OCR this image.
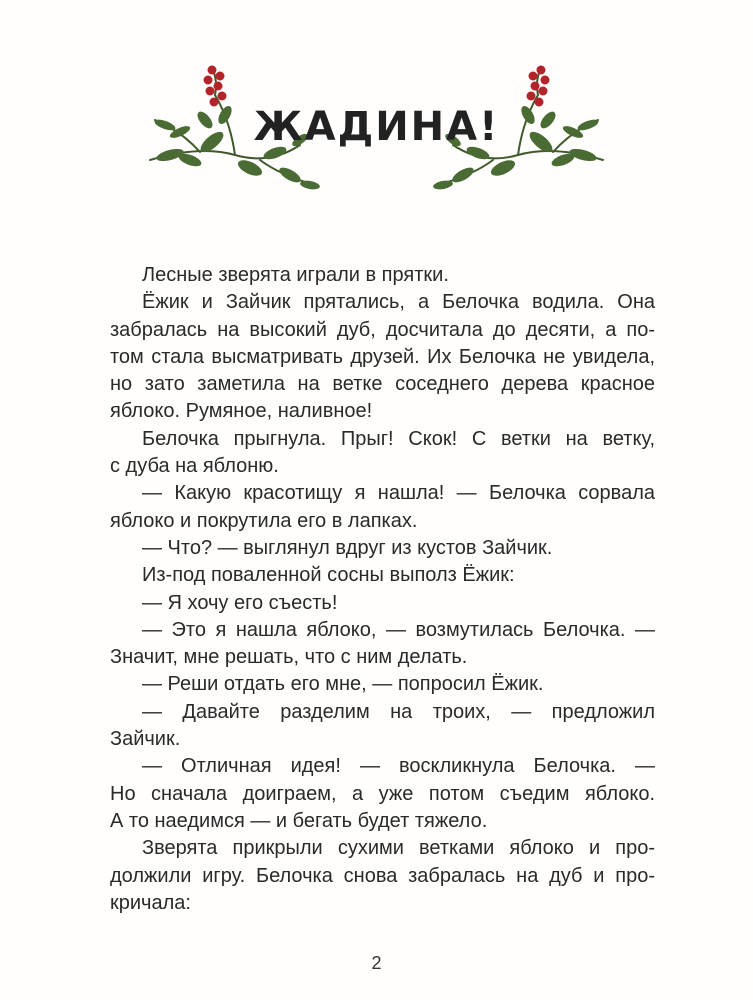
ЖАДИНА!
Лесные зверята играли в прятки.
Ёжик и Зайчик прятались, а Белочка водила. Она
забралась на высокий дуб, досчитала до десяти, а по-
том стала высматривать друзей. Их Белочка не увидела,
но зато заметила на ветке соседнего дерева красное
яблоко. Румяное, наливное!
Белочка прыгнула. Прыг! Скок! С ветки на ветку,
с дуба на яблоню.
— Какую красотищу я нашла! — Белочка сорвала
яблоко и покрутила его в лапках.
— Что? — выглянул вдруг из кустов Зайчик.
Из-под поваленной сосны выполз Ёжик:
— Я хочу его съесть!
— Это я нашла яблоко, — возмутилась Белочка. —
Значит, мне решать, что с ним делать.
— Реши отдать его мне, — попросил Ёжик.
— Давайте разделим на троих, — предложил
Зайчик.
— Отличная идея! — воскликнула Белочка. —
Но сначала доиграем, а уже потом съедим яблоко.
А то наедимся — и бегать будет тяжело.
Зверята прикрыли сухими ветками яблоко и про-
должили игру. Белочка снова забралась на дуб и про-
кричала:
2
